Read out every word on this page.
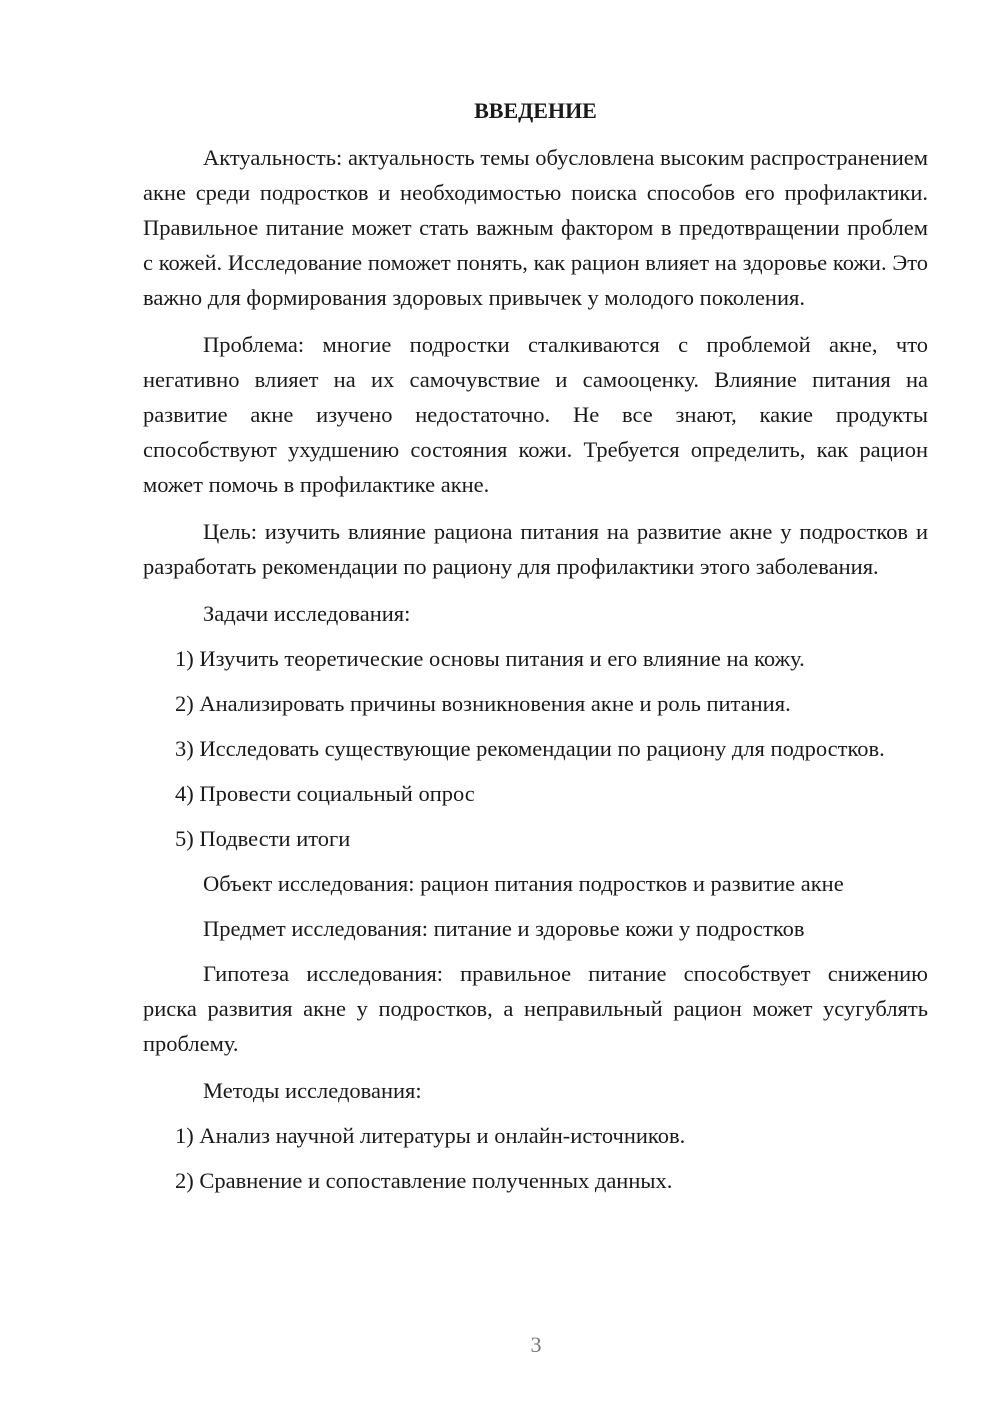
ВВЕДЕНИЕ

Актуальность: актуальность темы обусловлена высоким распространением акне среди подростков и необходимостью поиска способов его профилактики. Правильное питание может стать важным фактором в предотвращении проблем с кожей. Исследование поможет понять, как рацион влияет на здоровье кожи. Это важно для формирования здоровых привычек у молодого поколения.

Проблема: многие подростки сталкиваются с проблемой акне, что негативно влияет на их самочувствие и самооценку. Влияние питания на развитие акне изучено недостаточно. Не все знают, какие продукты способствуют ухудшению состояния кожи. Требуется определить, как рацион может помочь в профилактике акне.

Цель: изучить влияние рациона питания на развитие акне у подростков и разработать рекомендации по рациону для профилактики этого заболевания.

Задачи исследования:

1) Изучить теоретические основы питания и его влияние на кожу.

2) Анализировать причины возникновения акне и роль питания.

3) Исследовать существующие рекомендации по рациону для подростков.

4) Провести социальный опрос

5) Подвести итоги

Объект исследования: рацион питания подростков и развитие акне

Предмет исследования: питание и здоровье кожи у подростков

Гипотеза исследования: правильное питание способствует снижению риска развития акне у подростков, а неправильный рацион может усугублять проблему.

Методы исследования:

1) Анализ научной литературы и онлайн-источников.

2) Сравнение и сопоставление полученных данных.

3
